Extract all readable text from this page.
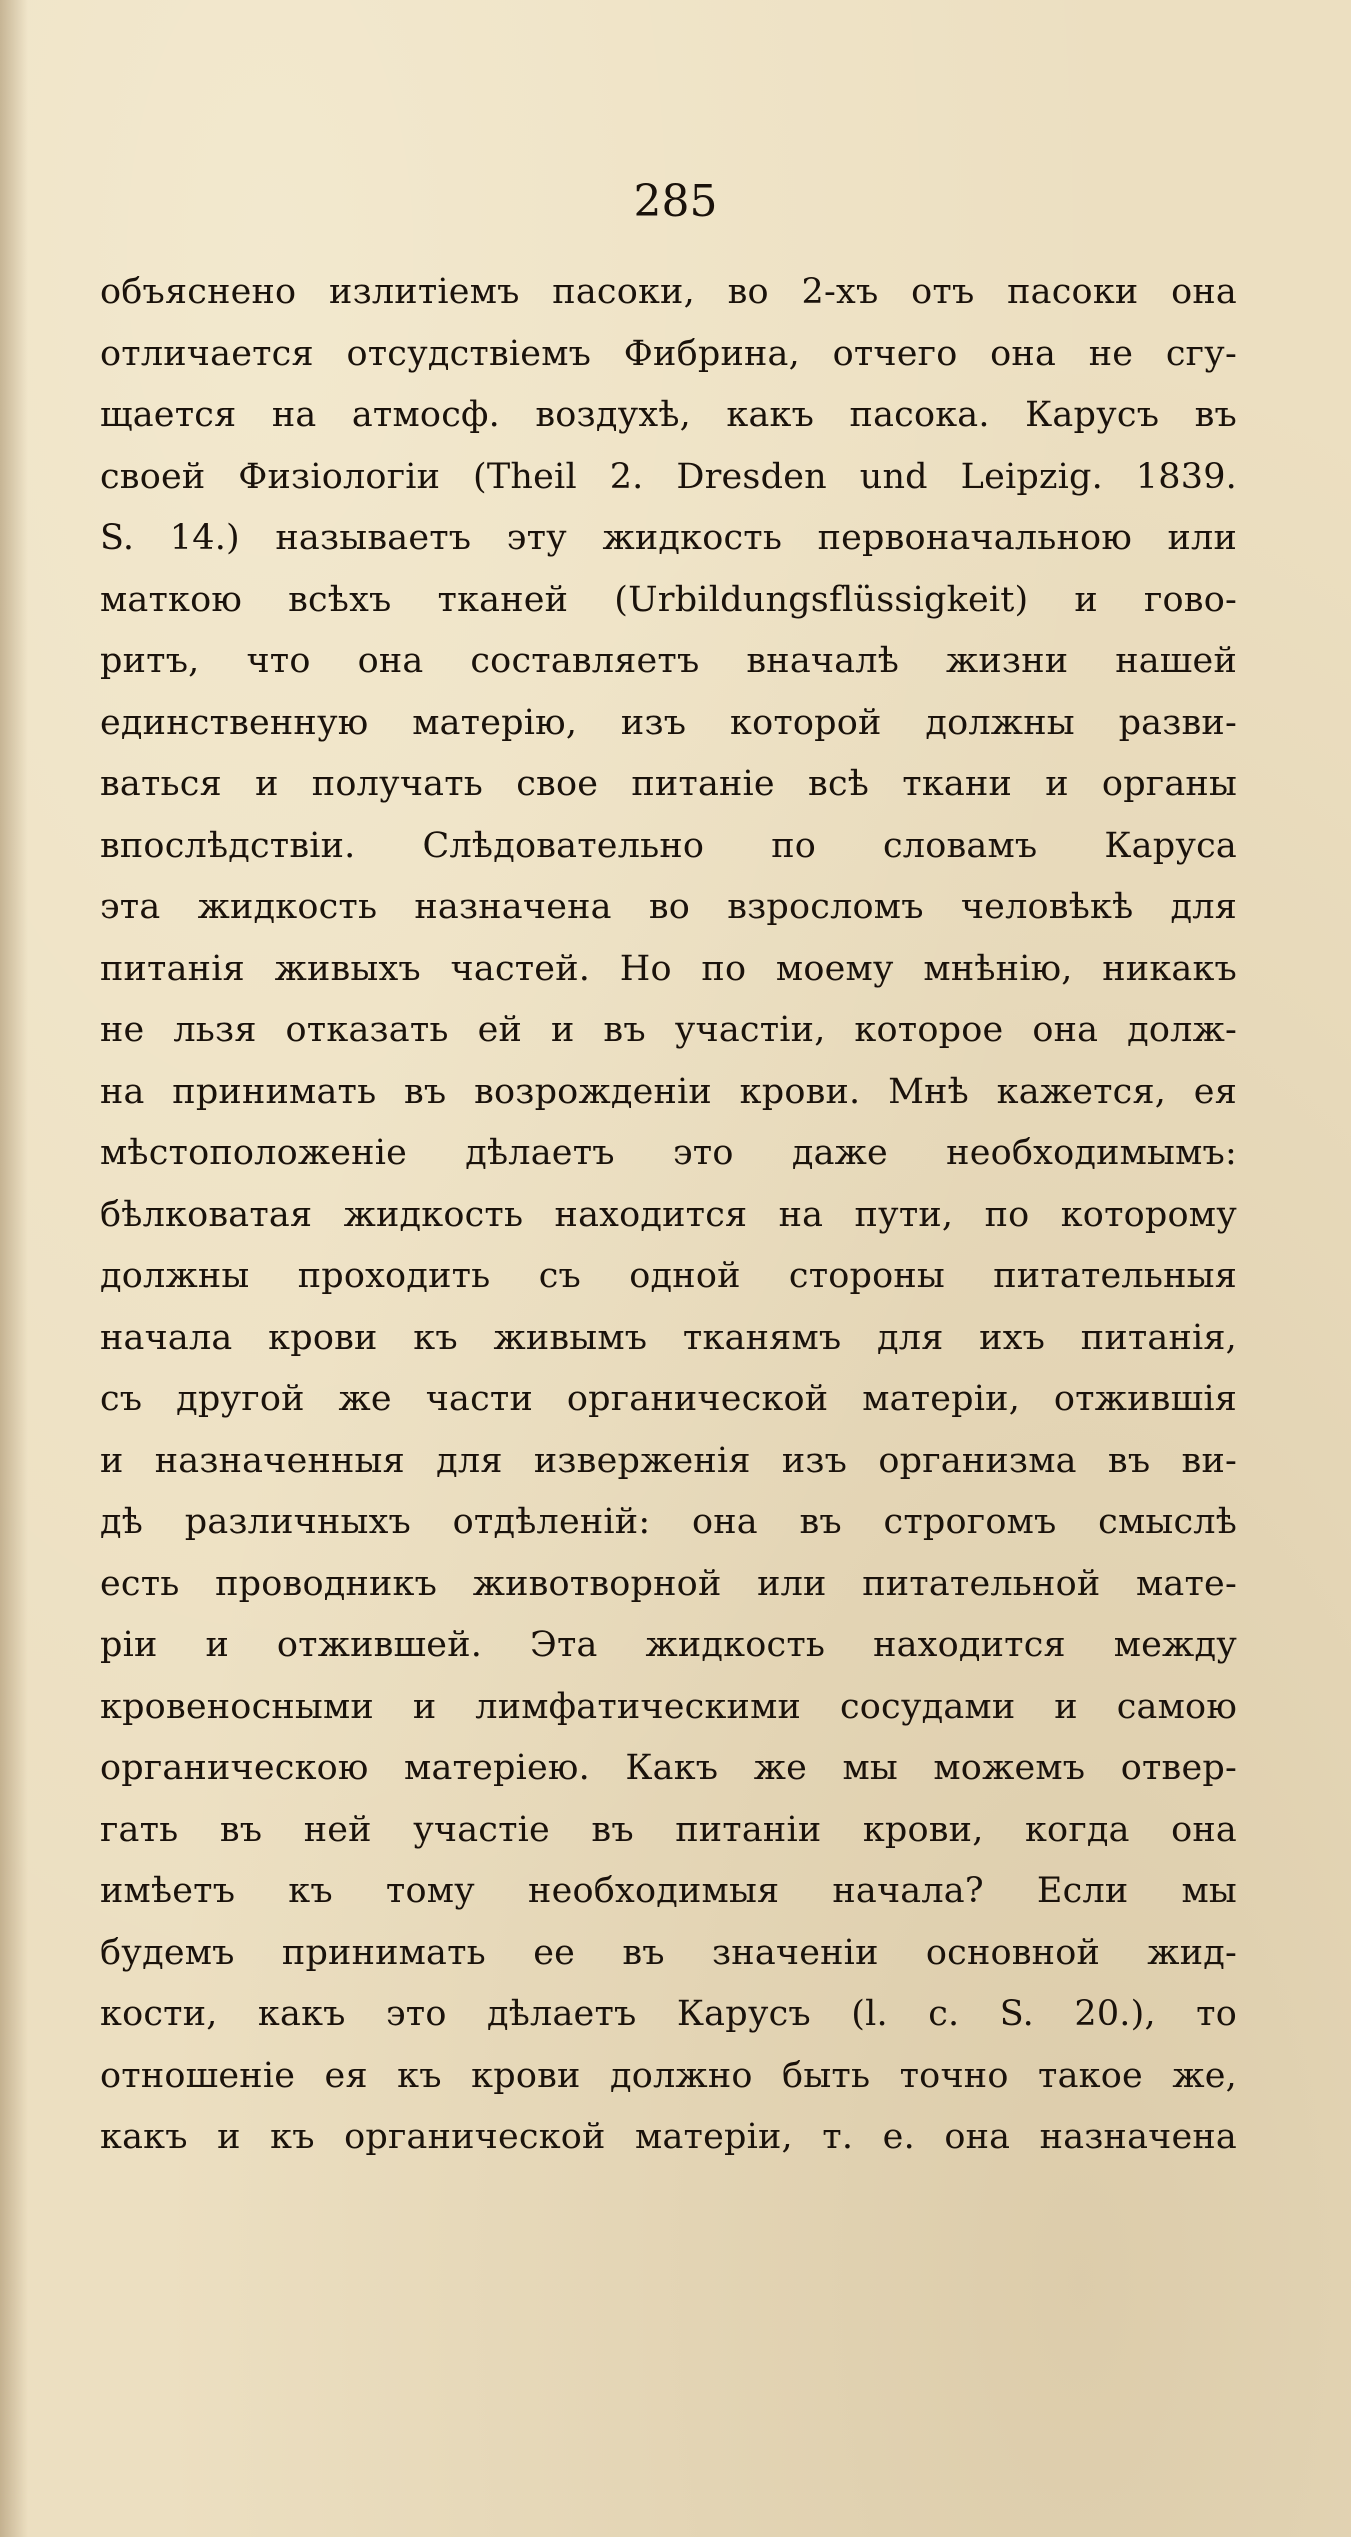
285
объяснено излитiемъ пасоки, во 2-хъ отъ пасоки она
отличается отсудствiемъ Фибрина, отчего она не сгу-
щается на атмосф. воздухѣ, какъ пасока. Карусъ въ
своей Физiологiи (Theil 2. Dresden und Leipzig. 1839.
S. 14.) называетъ эту жидкость первоначальною или
маткою всѣхъ тканей (Urbildungsflüssigkeit) и гово-
ритъ, что она составляетъ вначалѣ жизни нашей
единственную матерiю, изъ которой должны разви-
ваться и получать свое питанiе всѣ ткани и органы
впослѣдствiи. Слѣдовательно по словамъ Каруса
эта жидкость назначена во взросломъ человѣкѣ для
питанiя живыхъ частей. Но по моему мнѣнiю, никакъ
не льзя отказать ей и въ участiи, которое она долж-
на принимать въ возрожденiи крови. Мнѣ кажется, ея
мѣстоположенiе дѣлаетъ это даже необходимымъ:
бѣлковатая жидкость находится на пути, по которому
должны проходить съ одной стороны питательныя
начала крови къ живымъ тканямъ для ихъ питанiя,
съ другой же части органической матерiи, отжившiя
и назначенныя для изверженiя изъ организма въ ви-
дѣ различныхъ отдѣленiй: она въ строгомъ смыслѣ
есть проводникъ животворной или питательной мате-
рiи и отжившей. Эта жидкость находится между
кровеносными и лимфатическими сосудами и самою
органическою матерiею. Какъ же мы можемъ отвер-
гать въ ней участiе въ питанiи крови, когда она
имѣетъ къ тому необходимыя начала? Если мы
будемъ принимать ее въ значенiи основной жид-
кости, какъ это дѣлаетъ Карусъ (l. c. S. 20.), то
отношенiе ея къ крови должно быть точно такое же,
какъ и къ органической матерiи, т. е. она назначена
